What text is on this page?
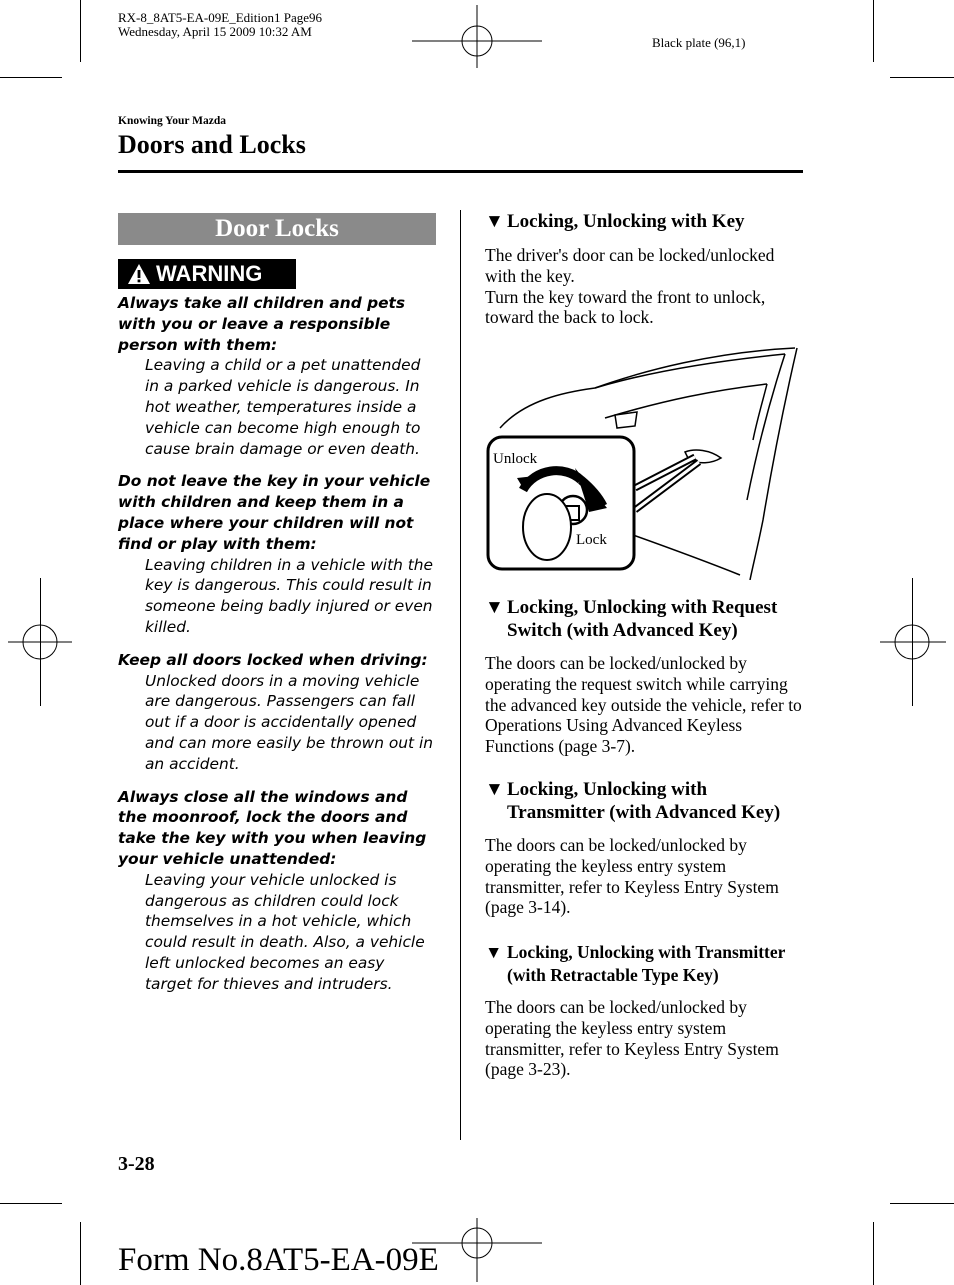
RX-8_8AT5-EA-09E_Edition1 Page96
Wednesday, April 15 2009 10:32 AM
Black plate (96,1)
Knowing Your Mazda
Doors and Locks
Door Locks
WARNING
Always take all children and pets with you or leave a responsible person with them:
Leaving a child or a pet unattended in a parked vehicle is dangerous. In hot weather, temperatures inside a vehicle can become high enough to cause brain damage or even death.
Do not leave the key in your vehicle with children and keep them in a place where your children will not find or play with them:
Leaving children in a vehicle with the key is dangerous. This could result in someone being badly injured or even killed.
Keep all doors locked when driving:
Unlocked doors in a moving vehicle are dangerous. Passengers can fall out if a door is accidentally opened and can more easily be thrown out in an accident.
Always close all the windows and the moonroof, lock the doors and take the key with you when leaving your vehicle unattended:
Leaving your vehicle unlocked is dangerous as children could lock themselves in a hot vehicle, which could result in death. Also, a vehicle left unlocked becomes an easy target for thieves and intruders.
▼ Locking, Unlocking with Key
The driver's door can be locked/unlocked with the key.
Turn the key toward the front to unlock, toward the back to lock.
Unlock
Lock
▼ Locking, Unlocking with Request
Switch (with Advanced Key)
The doors can be locked/unlocked by operating the request switch while carrying the advanced key outside the vehicle, refer to Operations Using Advanced Keyless Functions (page 3-7).
▼ Locking, Unlocking with
Transmitter (with Advanced Key)
The doors can be locked/unlocked by operating the keyless entry system transmitter, refer to Keyless Entry System (page 3-14).
▼ Locking, Unlocking with Transmitter
(with Retractable Type Key)
The doors can be locked/unlocked by operating the keyless entry system transmitter, refer to Keyless Entry System (page 3-23).
3-28
Form No.8AT5-EA-09E
